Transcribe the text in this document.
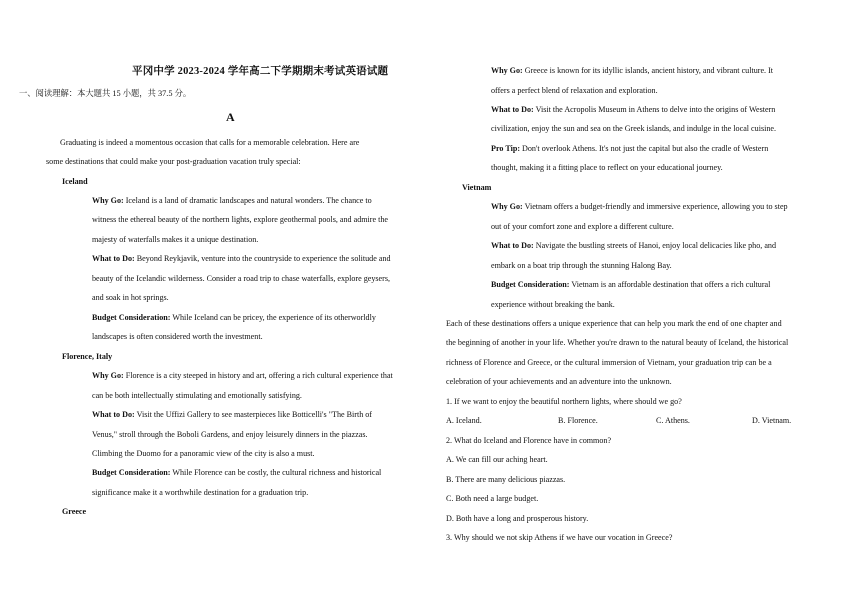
平冈中学 2023-2024 学年高二下学期期末考试英语试题
一、阅读理解：本大题共 15 小题，共 37.5 分。
A
Graduating is indeed a momentous occasion that calls for a memorable celebration. Here are
some destinations that could make your post-graduation vacation truly special:
Iceland
Why Go: Iceland is a land of dramatic landscapes and natural wonders. The chance to
witness the ethereal beauty of the northern lights, explore geothermal pools, and admire the
majesty of waterfalls makes it a unique destination.
What to Do: Beyond Reykjavik, venture into the countryside to experience the solitude and
beauty of the Icelandic wilderness. Consider a road trip to chase waterfalls, explore geysers,
and soak in hot springs.
Budget Consideration: While Iceland can be pricey, the experience of its otherworldly
landscapes is often considered worth the investment.
Florence, Italy
Why Go: Florence is a city steeped in history and art, offering a rich cultural experience that
can be both intellectually stimulating and emotionally satisfying.
What to Do: Visit the Uffizi Gallery to see masterpieces like Botticelli's "The Birth of
Venus," stroll through the Boboli Gardens, and enjoy leisurely dinners in the piazzas.
Climbing the Duomo for a panoramic view of the city is also a must.
Budget Consideration: While Florence can be costly, the cultural richness and historical
significance make it a worthwhile destination for a graduation trip.
Greece
Why Go: Greece is known for its idyllic islands, ancient history, and vibrant culture. It
offers a perfect blend of relaxation and exploration.
What to Do: Visit the Acropolis Museum in Athens to delve into the origins of Western
civilization, enjoy the sun and sea on the Greek islands, and indulge in the local cuisine.
Pro Tip: Don't overlook Athens. It's not just the capital but also the cradle of Western
thought, making it a fitting place to reflect on your educational journey.
Vietnam
Why Go: Vietnam offers a budget-friendly and immersive experience, allowing you to step
out of your comfort zone and explore a different culture.
What to Do: Navigate the bustling streets of Hanoi, enjoy local delicacies like pho, and
embark on a boat trip through the stunning Halong Bay.
Budget Consideration: Vietnam is an affordable destination that offers a rich cultural
experience without breaking the bank.
Each of these destinations offers a unique experience that can help you mark the end of one chapter and
the beginning of another in your life. Whether you're drawn to the natural beauty of Iceland, the historical
richness of Florence and Greece, or the cultural immersion of Vietnam, your graduation trip can be a
celebration of your achievements and an adventure into the unknown.
1. If we want to enjoy the beautiful northern lights, where should we go?
A. Iceland.	B. Florence.	C. Athens.	D. Vietnam.
2. What do Iceland and Florence have in common?
A. We can fill our aching heart.
B. There are many delicious piazzas.
C. Both need a large budget.
D. Both have a long and prosperous history.
3. Why should we not skip Athens if we have our vocation in Greece?
